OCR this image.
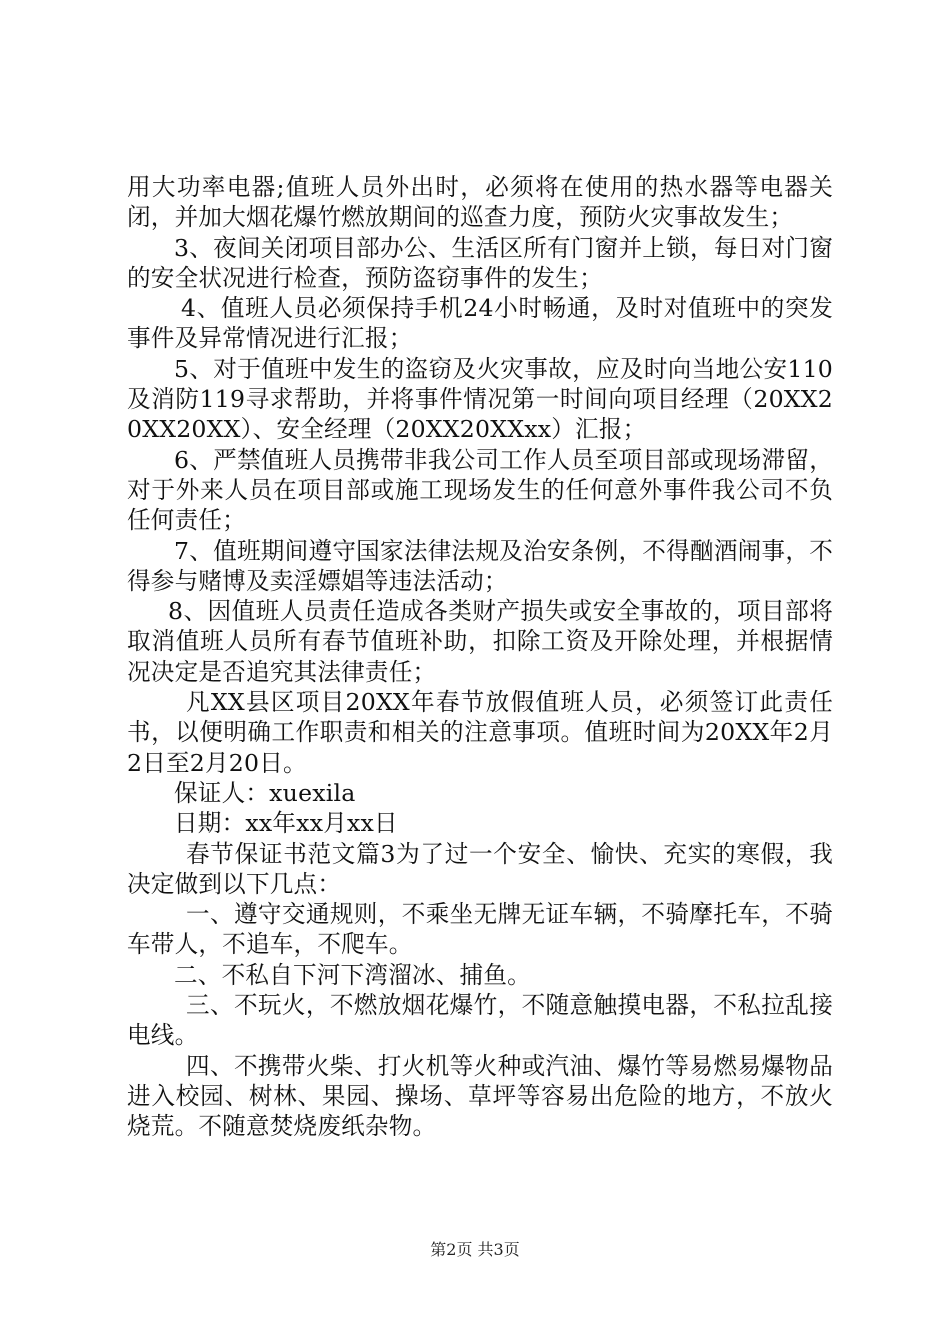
用大功率电器;值班人员外出时，必须将在使用的热水器等电器关闭，并加大烟花爆竹燃放期间的巡查力度，预防火灾事故发生；

3、夜间关闭项目部办公、生活区所有门窗并上锁，每日对门窗的安全状况进行检查，预防盗窃事件的发生；

4、值班人员必须保持手机24小时畅通，及时对值班中的突发事件及异常情况进行汇报；

5、对于值班中发生的盗窃及火灾事故，应及时向当地公安110及消防119寻求帮助，并将事件情况第一时间向项目经理（20XX20XX20XX）、安全经理（20XX20XXxx）汇报；

6、严禁值班人员携带非我公司工作人员至项目部或现场滞留，对于外来人员在项目部或施工现场发生的任何意外事件我公司不负任何责任；

7、值班期间遵守国家法律法规及治安条例，不得酗酒闹事，不得参与赌博及卖淫嫖娼等违法活动；

8、因值班人员责任造成各类财产损失或安全事故的，项目部将取消值班人员所有春节值班补助，扣除工资及开除处理，并根据情况决定是否追究其法律责任；

凡XX县区项目20XX年春节放假值班人员，必须签订此责任书，以便明确工作职责和相关的注意事项。值班时间为20XX年2月2日至2月20日。

保证人：xuexila

日期：xx年xx月xx日

春节保证书范文篇3为了过一个安全、愉快、充实的寒假，我决定做到以下几点：

一、遵守交通规则，不乘坐无牌无证车辆，不骑摩托车，不骑车带人，不追车，不爬车。

二、不私自下河下湾溜冰、捕鱼。

三、不玩火，不燃放烟花爆竹，不随意触摸电器，不私拉乱接电线。

四、不携带火柴、打火机等火种或汽油、爆竹等易燃易爆物品进入校园、树林、果园、操场、草坪等容易出危险的地方，不放火烧荒。不随意焚烧废纸杂物。

第2页 共3页
